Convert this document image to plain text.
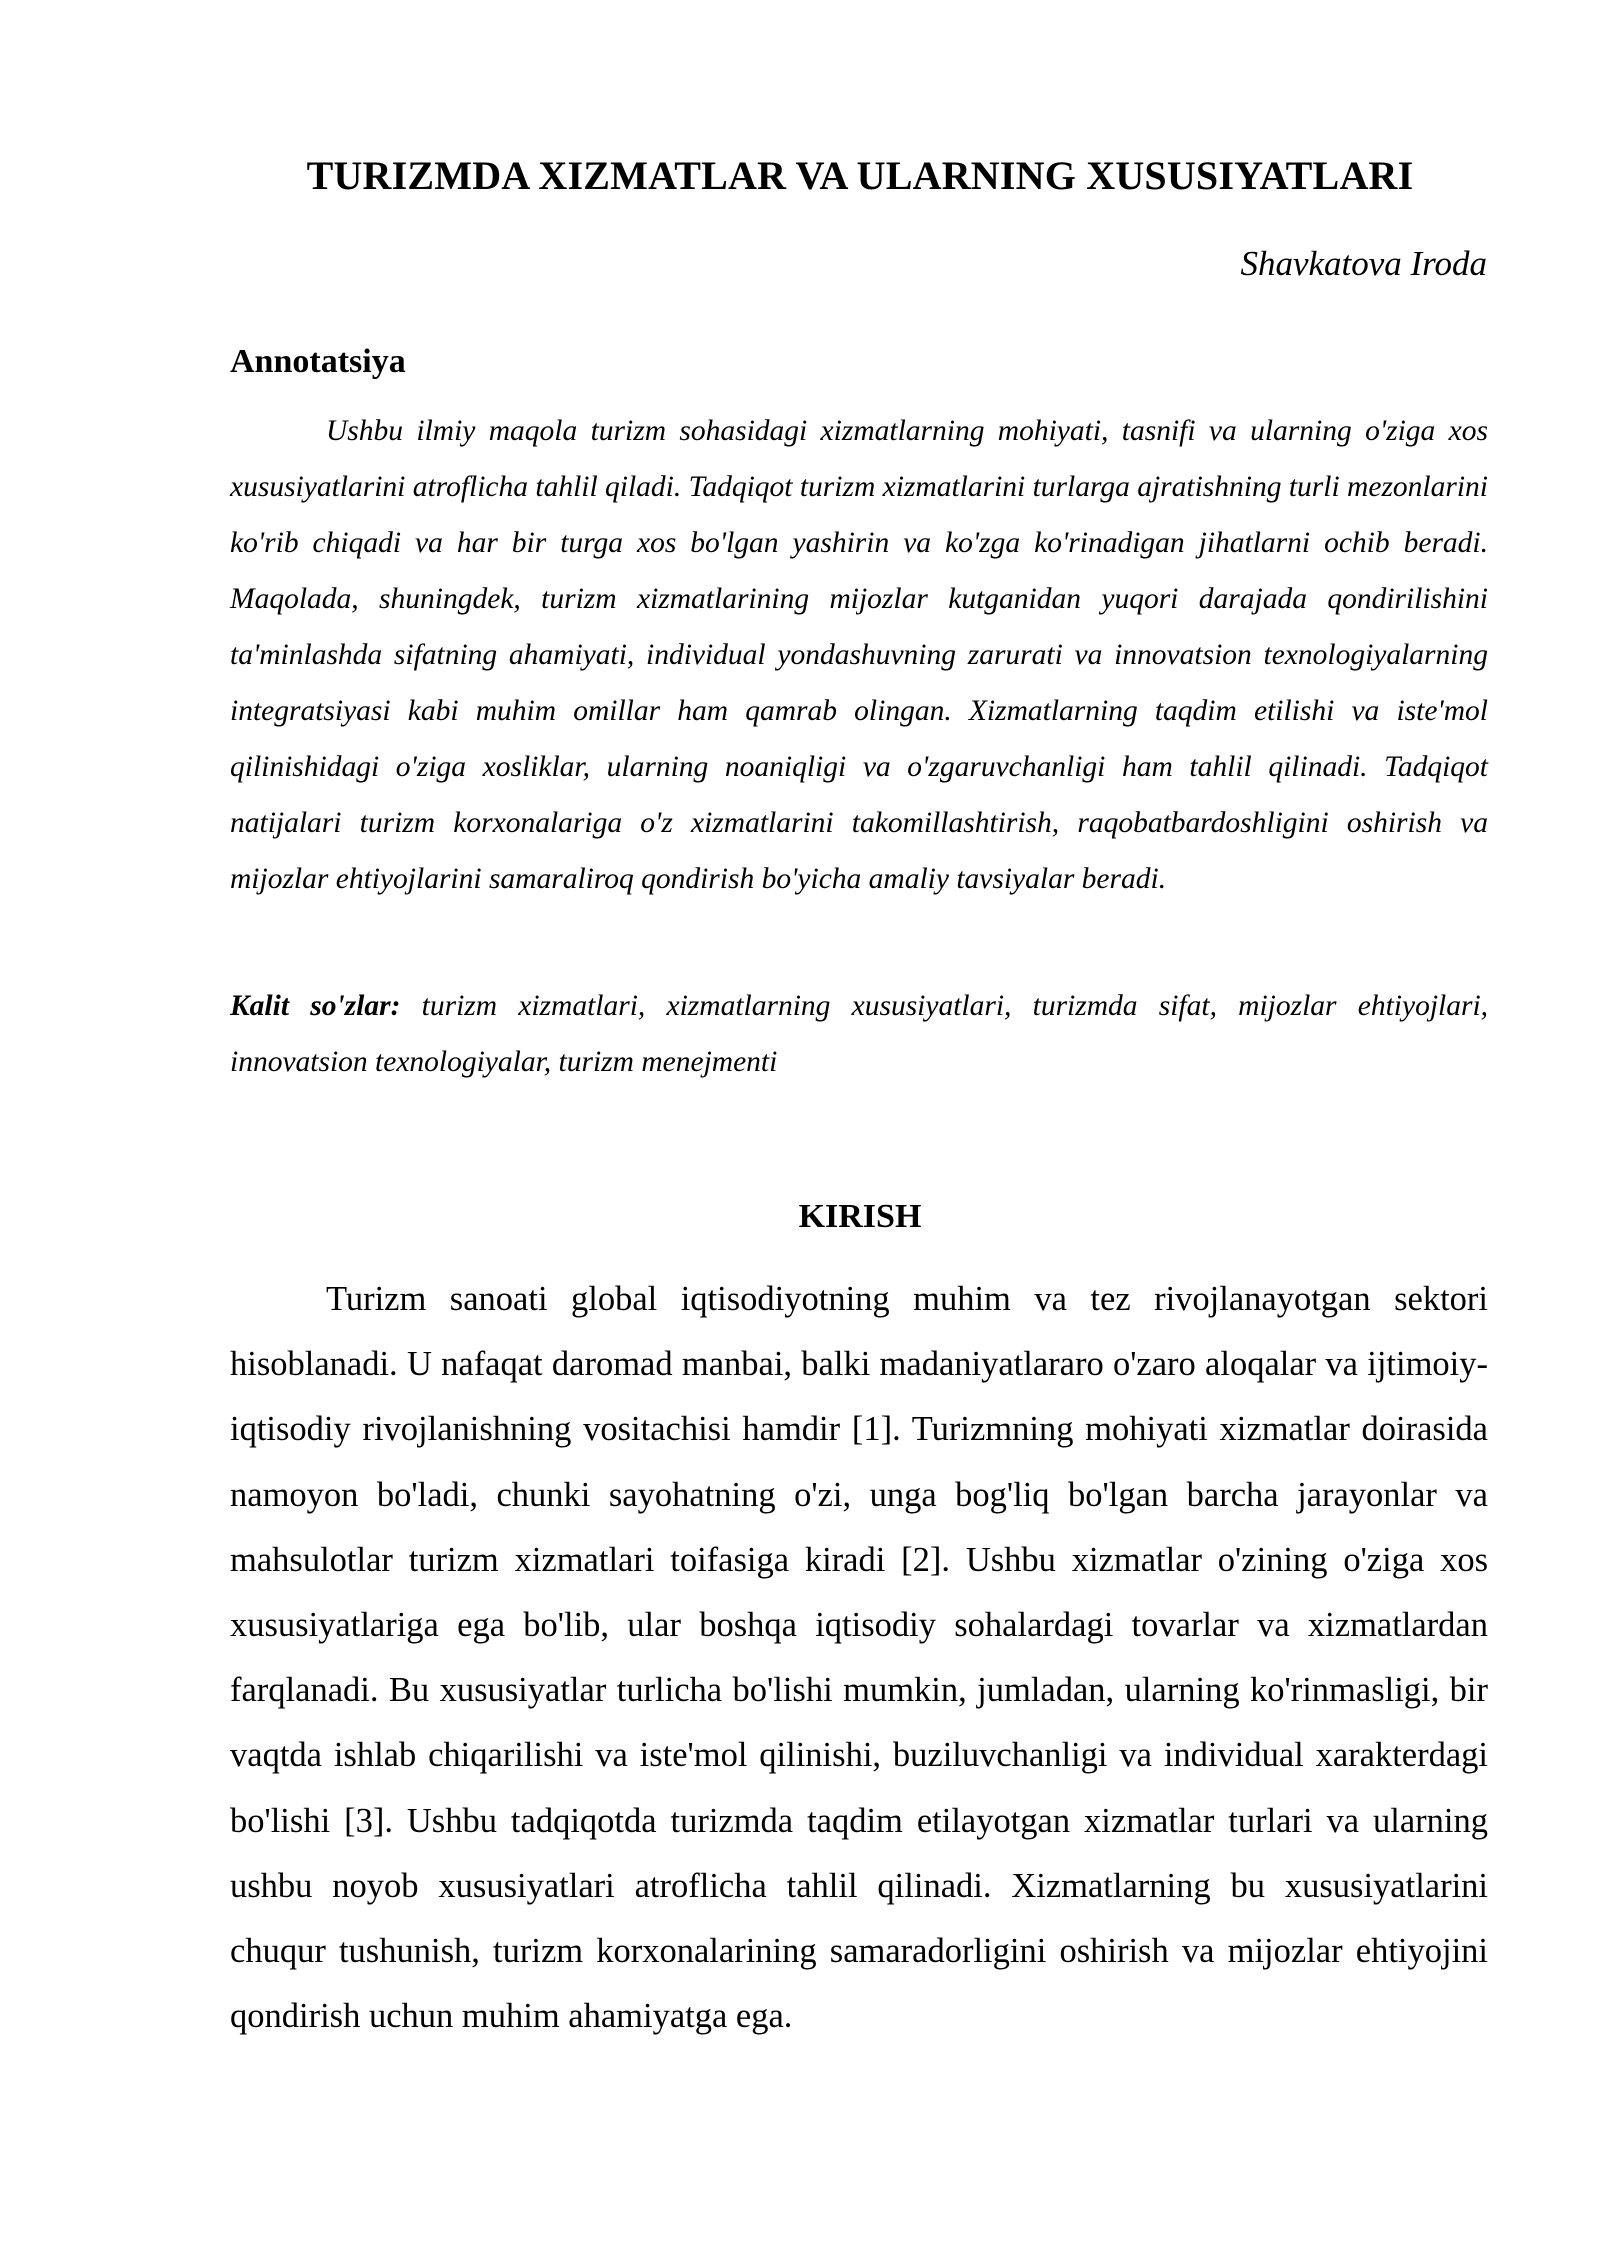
TURIZMDA XIZMATLAR VA ULARNING XUSUSIYATLARI

Shavkatova Iroda

Annotatsiya

Ushbu ilmiy maqola turizm sohasidagi xizmatlarning mohiyati, tasnifi va ularning o'ziga xos xususiyatlarini atroflicha tahlil qiladi. Tadqiqot turizm xizmatlarini turlarga ajratishning turli mezonlarini ko'rib chiqadi va har bir turga xos bo'lgan yashirin va ko'zga ko'rinadigan jihatlarni ochib beradi. Maqolada, shuningdek, turizm xizmatlarining mijozlar kutganidan yuqori darajada qondirilishini ta'minlashda sifatning ahamiyati, individual yondashuvning zarurati va innovatsion texnologiyalarning integratsiyasi kabi muhim omillar ham qamrab olingan. Xizmatlarning taqdim etilishi va iste'mol qilinishidagi o'ziga xosliklar, ularning noaniqligi va o'zgaruvchanligi ham tahlil qilinadi. Tadqiqot natijalari turizm korxonalariga o'z xizmatlarini takomillashtirish, raqobatbardoshligini oshirish va mijozlar ehtiyojlarini samaraliroq qondirish bo'yicha amaliy tavsiyalar beradi.

Kalit so'zlar: turizm xizmatlari, xizmatlarning xususiyatlari, turizmda sifat, mijozlar ehtiyojlari, innovatsion texnologiyalar, turizm menejmenti

KIRISH

Turizm sanoati global iqtisodiyotning muhim va tez rivojlanayotgan sektori hisoblanadi. U nafaqat daromad manbai, balki madaniyatlararo o'zaro aloqalar va ijtimoiy-iqtisodiy rivojlanishning vositachisi hamdir [1]. Turizmning mohiyati xizmatlar doirasida namoyon bo'ladi, chunki sayohatning o'zi, unga bog'liq bo'lgan barcha jarayonlar va mahsulotlar turizm xizmatlari toifasiga kiradi [2]. Ushbu xizmatlar o'zining o'ziga xos xususiyatlariga ega bo'lib, ular boshqa iqtisodiy sohalardagi tovarlar va xizmatlardan farqlanadi. Bu xususiyatlar turlicha bo'lishi mumkin, jumladan, ularning ko'rinmasligi, bir vaqtda ishlab chiqarilishi va iste'mol qilinishi, buziluvchanligi va individual xarakterdagi bo'lishi [3]. Ushbu tadqiqotda turizmda taqdim etilayotgan xizmatlar turlari va ularning ushbu noyob xususiyatlari atroflicha tahlil qilinadi. Xizmatlarning bu xususiyatlarini chuqur tushunish, turizm korxonalarining samaradorligini oshirish va mijozlar ehtiyojini qondirish uchun muhim ahamiyatga ega.
